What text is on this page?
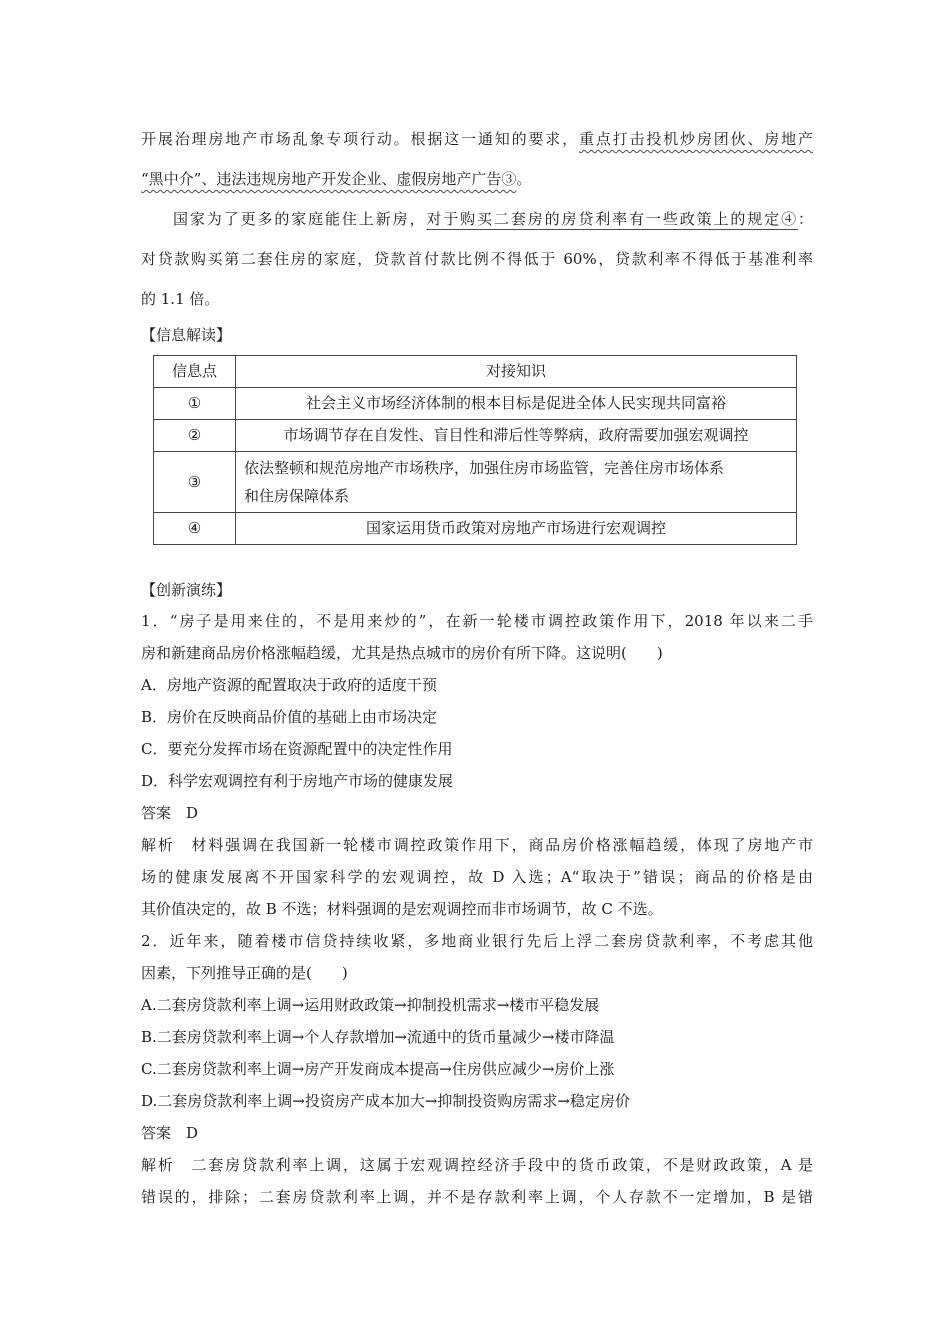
开展治理房地产市场乱象专项行动。根据这一通知的要求，重点打击投机炒房团伙、房地产
“黑中介”、违法违规房地产开发企业、虚假房地产广告③。
国家为了更多的家庭能住上新房，对于购买二套房的房贷利率有一些政策上的规定④：
对贷款购买第二套住房的家庭，贷款首付款比例不得低于 60%，贷款利率不得低于基准利率
的 1.1 倍。
【信息解读】
信息点	对接知识
①	社会主义市场经济体制的根本目标是促进全体人民实现共同富裕
②	市场调节存在自发性、盲目性和滞后性等弊病，政府需要加强宏观调控
③	依法整顿和规范房地产市场秩序，加强住房市场监管，完善住房市场体系
和住房保障体系

④	国家运用货币政策对房地产市场进行宏观调控
【创新演练】
1．“房子是用来住的，不是用来炒的”，在新一轮楼市调控政策作用下，2018 年以来二手
房和新建商品房价格涨幅趋缓，尤其是热点城市的房价有所下降。这说明(　　)
A．房地产资源的配置取决于政府的适度干预
B．房价在反映商品价值的基础上由市场决定
C．要充分发挥市场在资源配置中的决定性作用
D．科学宏观调控有利于房地产市场的健康发展
答案　D
解析　材料强调在我国新一轮楼市调控政策作用下，商品房价格涨幅趋缓，体现了房地产市
场的健康发展离不开国家科学的宏观调控，故 D 入选；A“取决于”错误；商品的价格是由
其价值决定的，故 B 不选；材料强调的是宏观调控而非市场调节，故 C 不选。
2．近年来，随着楼市信贷持续收紧，多地商业银行先后上浮二套房贷款利率，不考虑其他
因素，下列推导正确的是(　　)
A.二套房贷款利率上调→运用财政政策→抑制投机需求→楼市平稳发展
B.二套房贷款利率上调→个人存款增加→流通中的货币量减少→楼市降温
C.二套房贷款利率上调→房产开发商成本提高→住房供应减少→房价上涨
D.二套房贷款利率上调→投资房产成本加大→抑制投资购房需求→稳定房价
答案　D
解析　二套房贷款利率上调，这属于宏观调控经济手段中的货币政策，不是财政政策，A 是
错误的，排除；二套房贷款利率上调，并不是存款利率上调，个人存款不一定增加，B 是错
